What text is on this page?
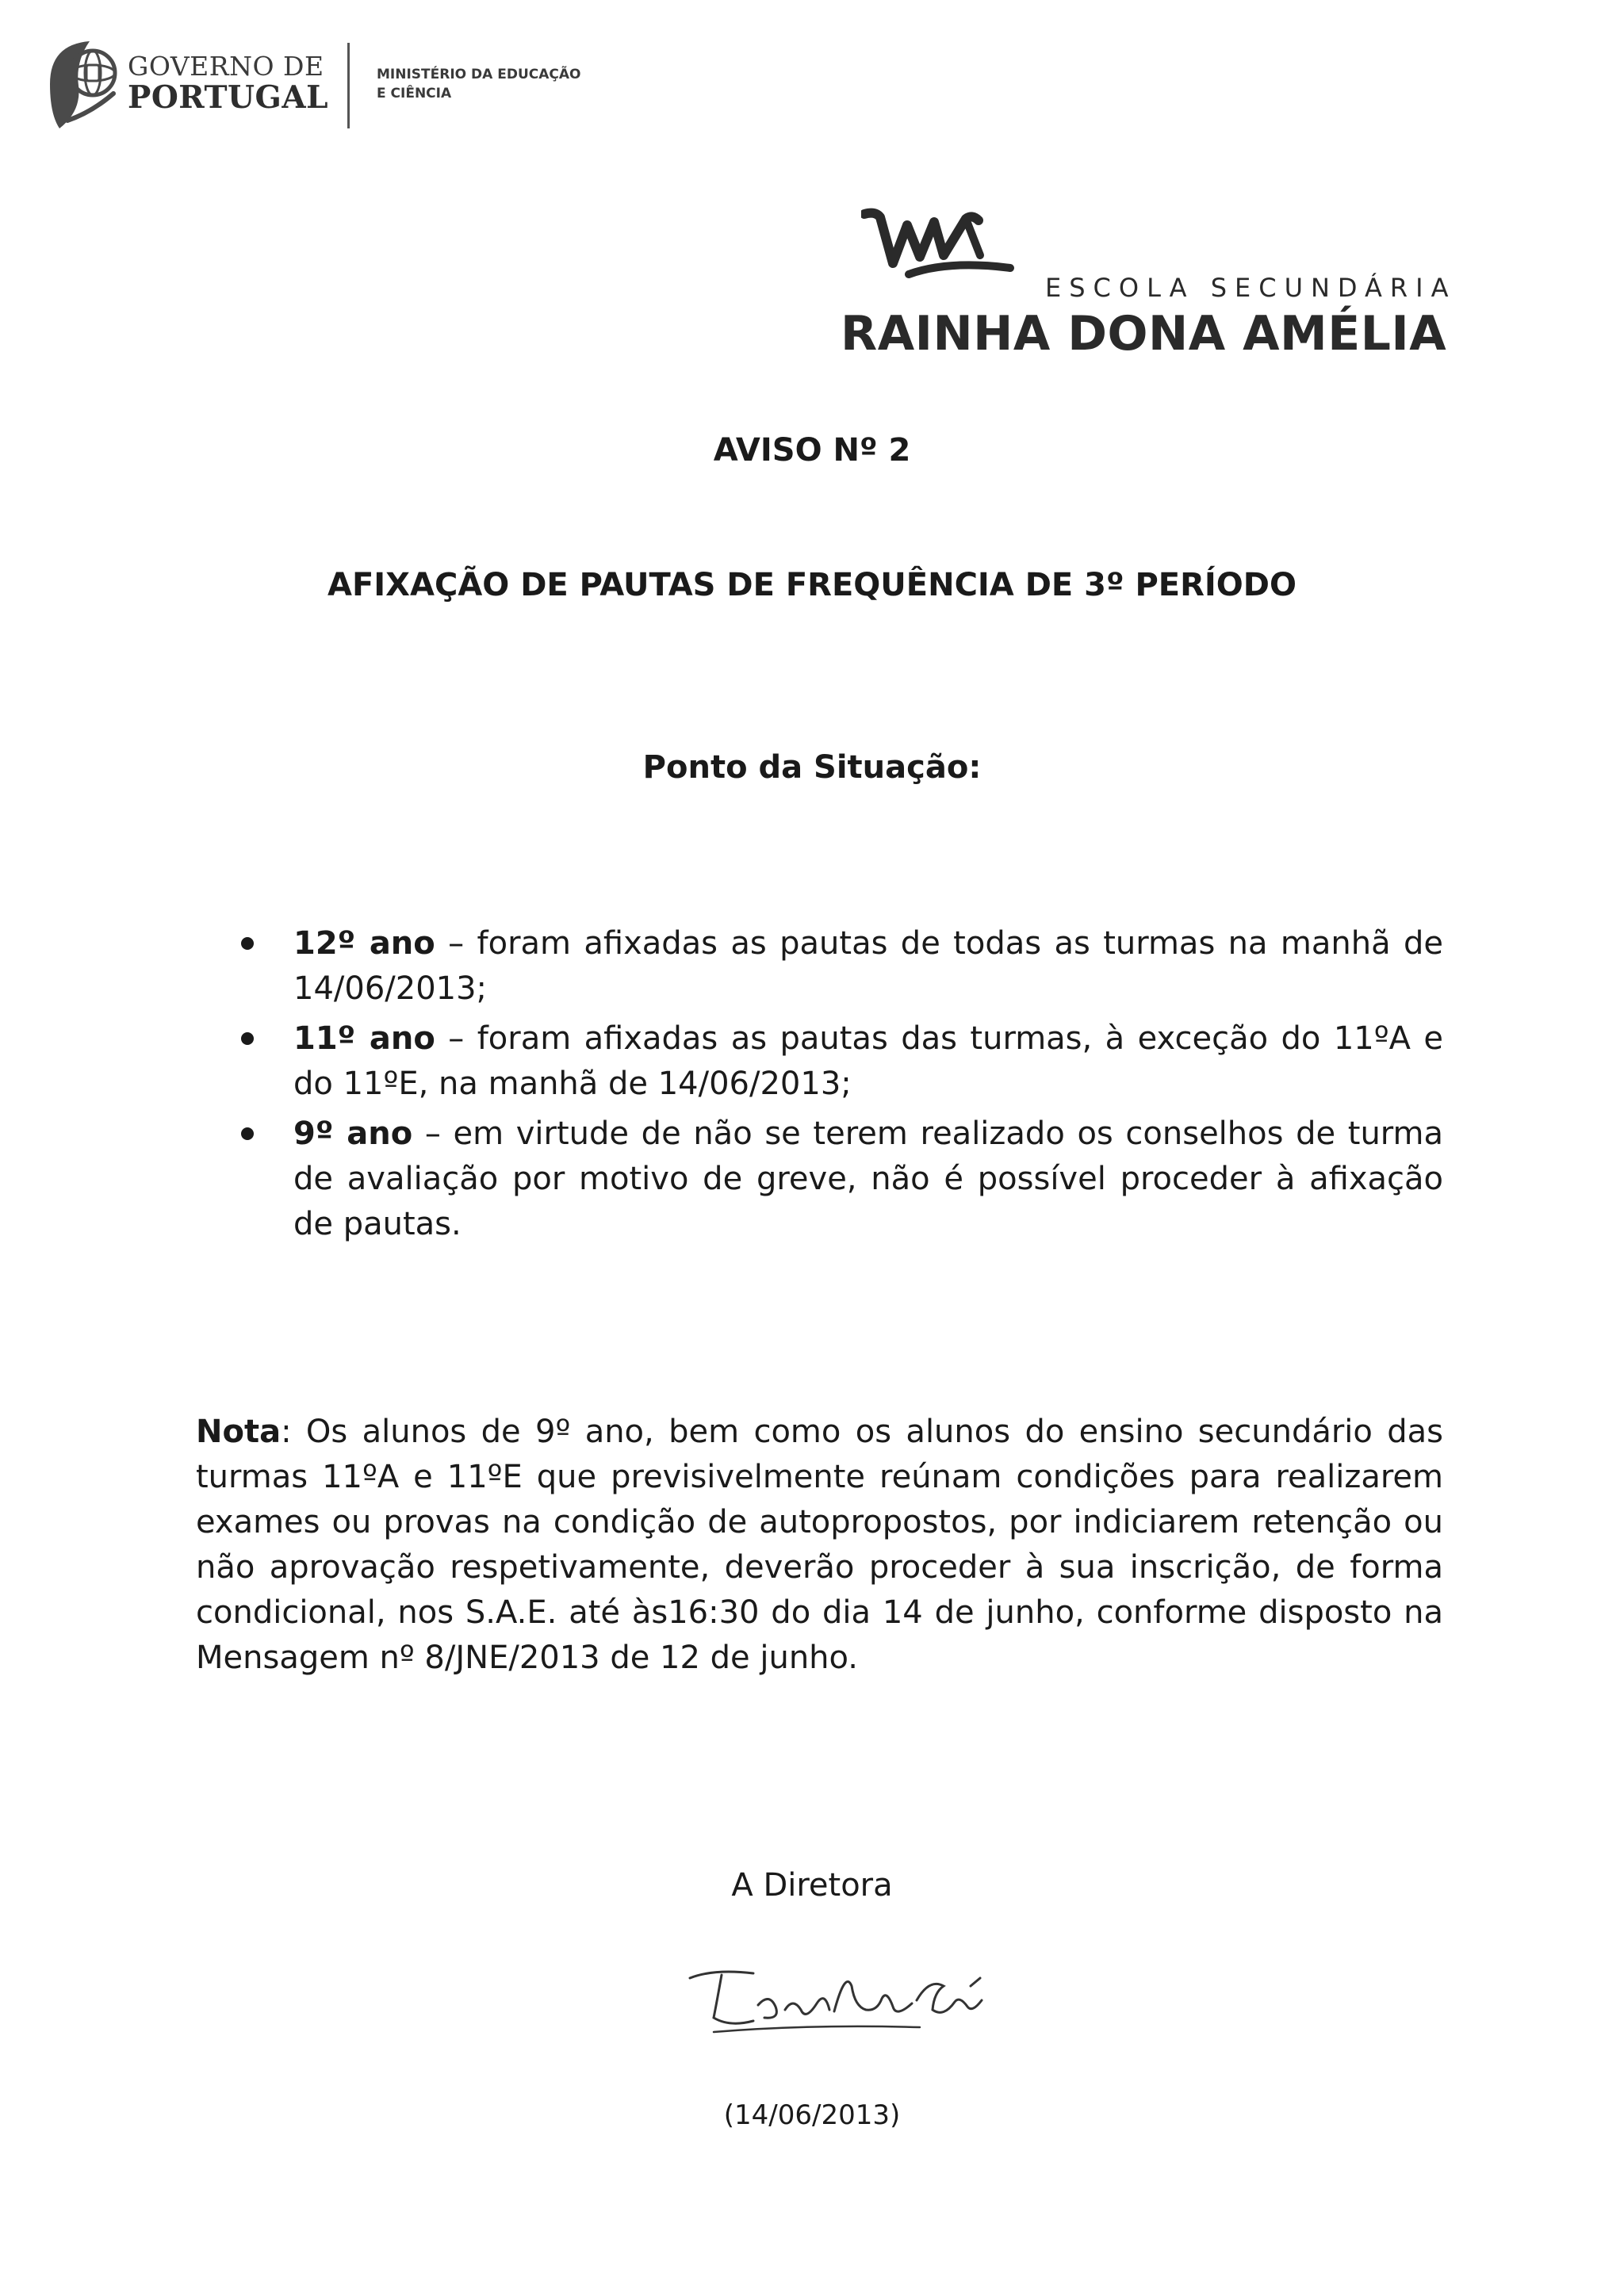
GOVERNO DE
PORTUGAL
MINISTÉRIO DA EDUCAÇÃO
E CIÊNCIA
ESCOLA SECUNDÁRIA
RAINHA DONA AMÉLIA
AVISO Nº 2
AFIXAÇÃO DE PAUTAS DE FREQUÊNCIA DE 3º PERÍODO
Ponto da Situação:
12º ano – foram afixadas as pautas de todas as turmas na manhã de 14/06/2013;
11º ano – foram afixadas as pautas das turmas, à exceção do 11ºA e do 11ºE, na manhã de 14/06/2013;
9º ano – em virtude de não se terem realizado os conselhos de turma de avaliação por motivo de greve, não é possível proceder à afixação de pautas.

Nota: Os alunos de 9º ano, bem como os alunos do ensino secundário das turmas 11ºA e 11ºE que previsivelmente reúnam condições para realizarem exames ou provas na condição de autopropostos, por indiciarem retenção ou não aprovação respetivamente, deverão proceder à sua inscrição, de forma condicional, nos S.A.E. até às16:30 do dia 14 de junho, conforme disposto na Mensagem nº 8/JNE/2013 de 12 de junho.

A Diretora
(14/06/2013)
